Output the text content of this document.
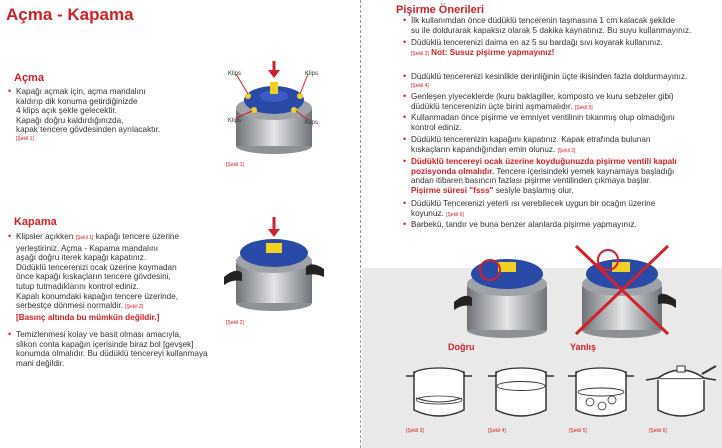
Açma - Kapama
Açma
• Kapağı açmak için, açma mandalını
kaldırıp dik konuma getirdiğinizde
4 klips açık şekle gelecektir.
Kapağı doğru kaldırdığınızda,
kapak tencere gövdesinden ayrılacaktır.
[Şekil 1]
Klips	Klips
Klips	Klips
[Şekil 1]
Kapama
• Klipsler açıkken [Şekil 1] kapağı tencere üzerine
yerleştiriniz. Açma - Kapama mandalını
aşağı doğru iterek kapağı kapatınız.
Düdüklü tencerenizi ocak üzerine koymadan
önce kapağı kıskaçların tencere gövdesini,
tutup tutmadıklarını kontrol ediniz.
Kapalı konumdaki kapağın tencere üzerinde,
serbestçe dönmesi normaldir. [Şekil 2]
[Basınç altında bu mümkün değildir.]
• Temizlenmesi kolay ve basit olması amacıyla,
slikon conta kapağın içerisinde biraz bol [gevşek]
konumda olmalıdır. Bu düdüklü tencereyi kullanmaya
mani değildir.
[Şekil 2]
Pişirme Önerileri
• İlk kullanımdan önce düdüklü tencerenin taşmasına 1 cm kalacak şekilde
su ile doldurarak kapaksız olarak 5 dakika kaynatınız. Bu suyu kullanmayınız.
• Düdüklü tencerenizi daima en az 5 su bardağı sıvı koyarak kullanınız.
[Şekil 3] Not: Susuz pişirme yapmayınız!
• Düdüklü tencerenizi kesinlikle derinliğinin üçte ikisinden fazla doldurmayınız.
[Şekil 4]
• Genleşen yiyeceklerde (kuru baklagiller, komposto ve kuru sebzeler gibi)
düdüklü tencerenizin üçte birini aşmamalıdır. [Şekil 5]
• Kullanmadan önce pişirme ve emniyet ventilinin tıkanmış olup olmadığını
kontrol ediniz.
• Düdüklü tencerenizin kapağını kapatınız. Kapak etrafında bulunan
kıskaçların kapandığından emin olunuz. [Şekil 2]
• Düdüklü tencereyi ocak üzerine koyduğunuzda pişirme ventili kapalı
pozisyonda olmalıdır. Tencere içerisindeki yemek kaynamaya başladığı
andan itibaren basıncın fazlası pişirme ventilinden çıkmaya başlar.
Pişirme süresi "fsss" sesiyle başlamış olur.
• Düdüklü Tencerenizi yeterli ısı verebilecek uygun bir ocağın üzerine
koyunuz. [Şekil 6]
• Barbekü, tandır ve buna benzer alanlarda pişirme yapmayınız.
Doğru	Yanlış
[Şekil 3]	[Şekil 4]	[Şekil 5]	[Şekil 6]
